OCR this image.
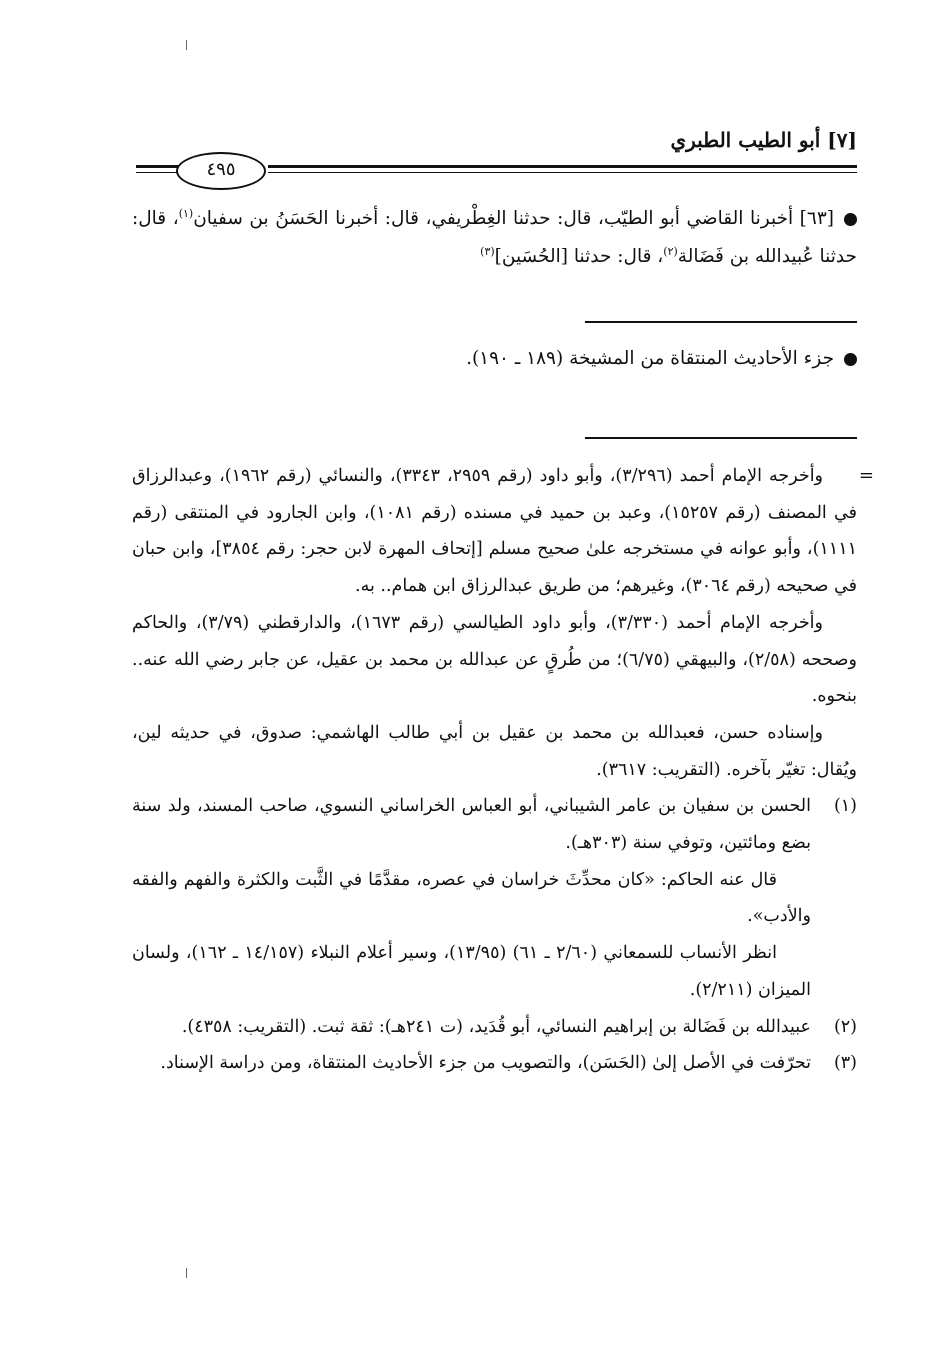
[٧] أبو الطيب الطبري
٤٩٥
[٦٣] أخبرنا القاضي أبو الطيّب، قال: حدثنا الغِطْريفي، قال: أخبرنا الحَسَنُ بن سفيان$^{(١)}$، قال: حدثنا عُبيدالله بن فَضَالة$^{(٢)}$، قال: حدثنا [الحُسَين]$^{(٣)}$
جزء الأحاديث المنتقاة من المشيخة (١٨٩ ـ ١٩٠).
=
وأخرجه الإمام أحمد (٣/٢٩٦)، وأبو داود (رقم ٢٩٥٩، ٣٣٤٣)، والنسائي (رقم ١٩٦٢)، وعبدالرزاق في المصنف (رقم ١٥٢٥٧)، وعبد بن حميد في مسنده (رقم ١٠٨١)، وابن الجارود في المنتقى (رقم ١١١١)، وأبو عوانه في مستخرجه علىٰ صحيح مسلم [إتحاف المهرة لابن حجر: رقم ٣٨٥٤]، وابن حبان في صحيحه (رقم ٣٠٦٤)، وغيرهم؛ من طريق عبدالرزاق ابن همام.. به.
وأخرجه الإمام أحمد (٣/٣٣٠)، وأبو داود الطيالسي (رقم ١٦٧٣)، والدارقطني (٣/٧٩)، والحاكم وصححه (٢/٥٨)، والبيهقي (٦/٧٥)؛ من طُرقٍ عن عبدالله بن محمد بن عقيل، عن جابر رضي الله عنه.. بنحوه.
وإسناده حسن، فعبدالله بن محمد بن عقيل بن أبي طالب الهاشمي: صدوق، في حديثه لين، ويُقال: تغيّر بآخره. (التقريب: ٣٦١٧).
(١)
الحسن بن سفيان بن عامر الشيباني، أبو العباس الخراساني النسوي، صاحب المسند، ولد سنة بضع ومائتين، وتوفي سنة (٣٠٣هـ).
قال عنه الحاكم: «كان محدِّثَ خراسان في عصره، مقدَّمًا في الثَّبت والكثرة والفهم والفقه والأدب».
انظر الأنساب للسمعاني (٢/٦٠ ـ ٦١) (١٣/٩٥)، وسير أعلام النبلاء (١٤/١٥٧ ـ ١٦٢)، ولسان الميزان (٢/٢١١).
(٢)
عبيدالله بن فَضَالة بن إبراهيم النسائي، أبو قُدَيد، (ت ٢٤١هـ): ثقة ثبت. (التقريب: ٤٣٥٨).
(٣)
تحرّفت في الأصل إلىٰ (الحَسَن)، والتصويب من جزء الأحاديث المنتقاة، ومن دراسة الإسناد.
